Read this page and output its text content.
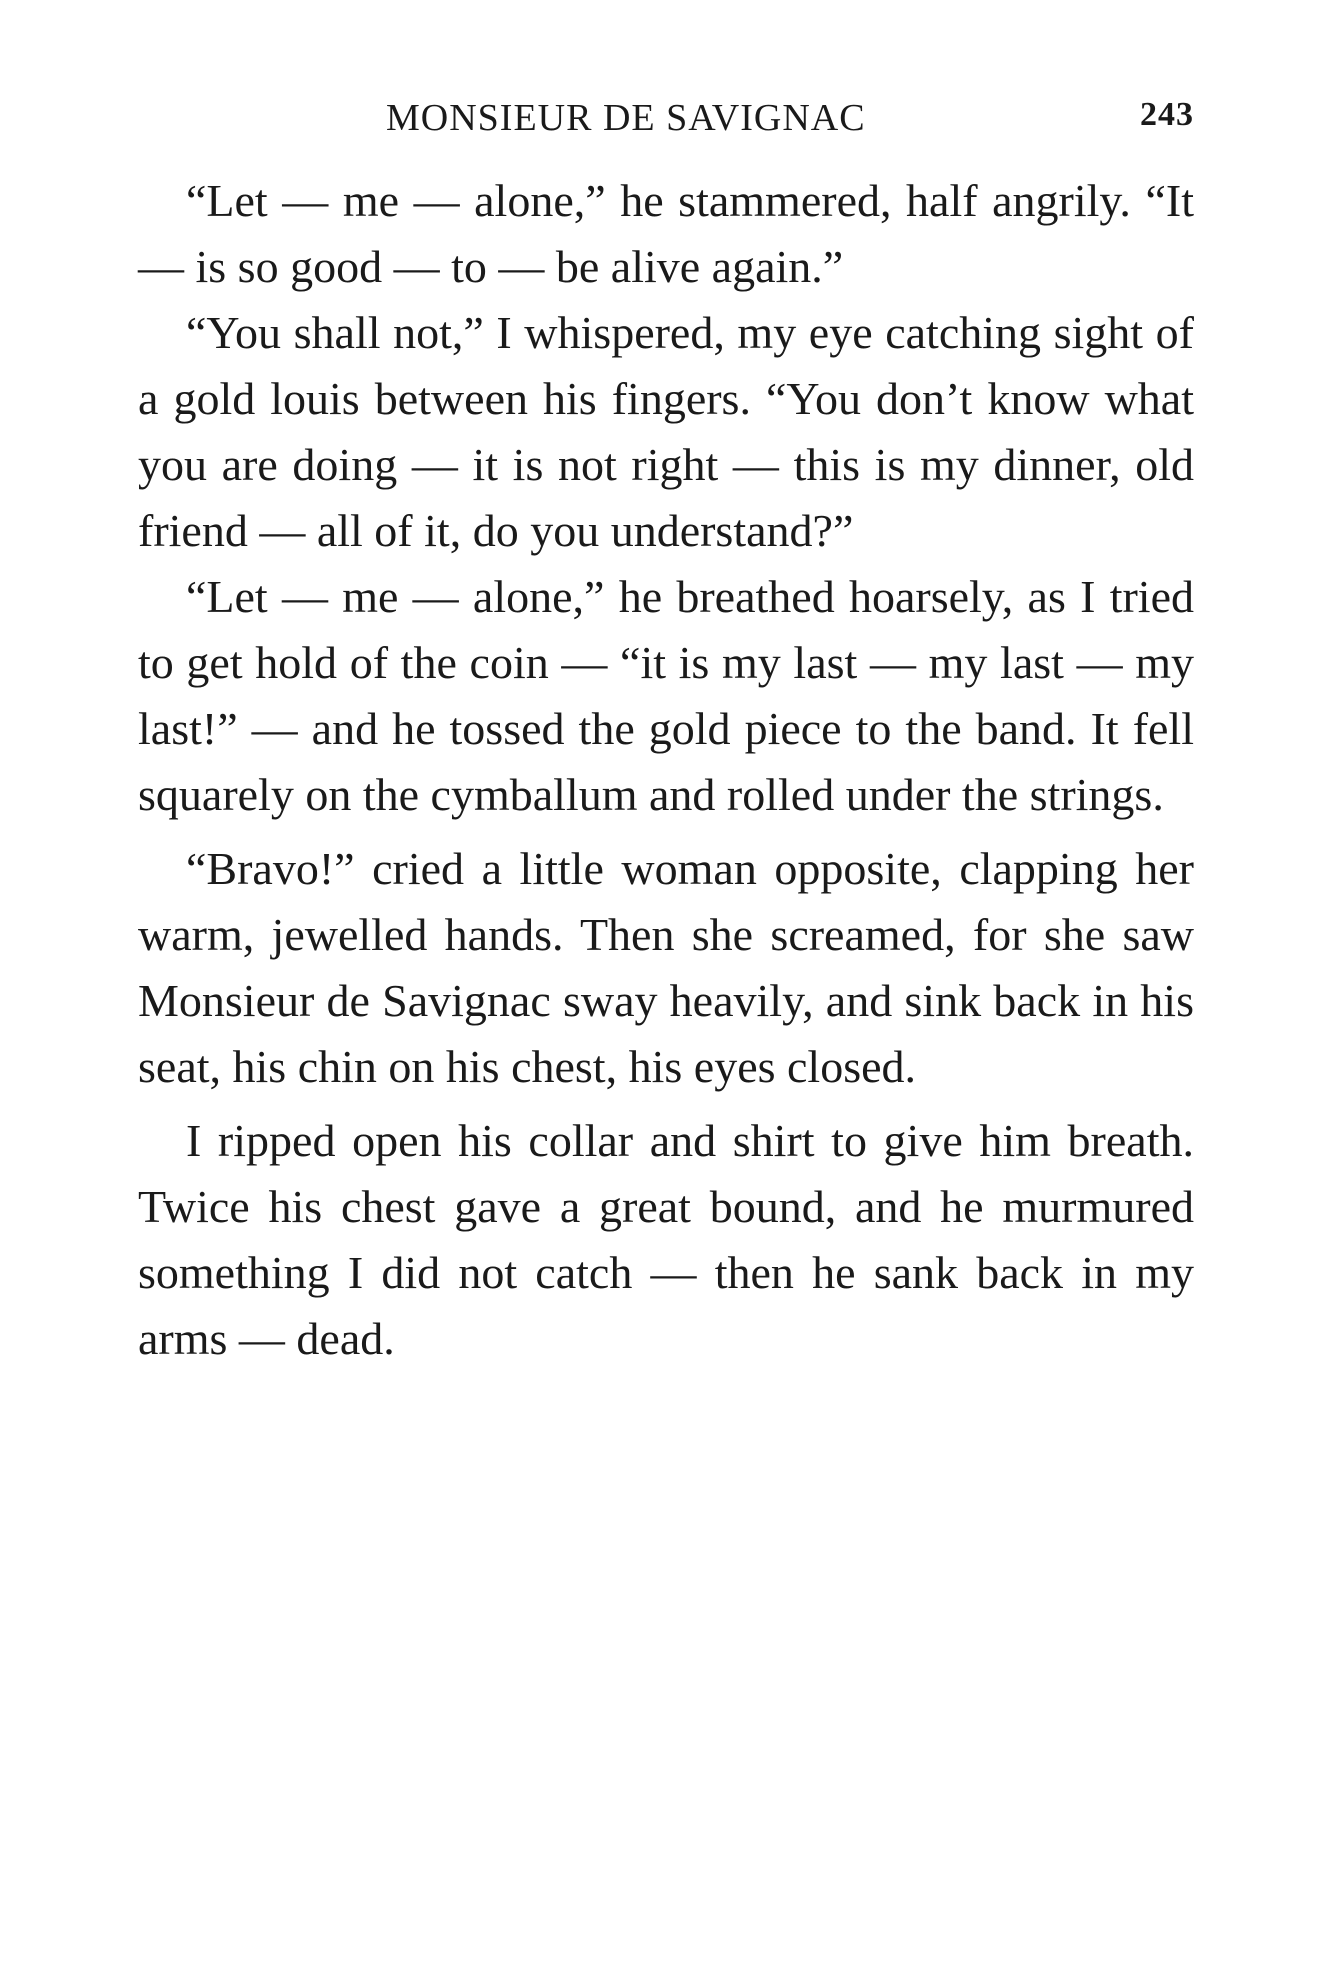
MONSIEUR DE SAVIGNAC	243

“Let — me — alone,” he stammered, half angrily. “It — is so good — to — be alive again.”

“You shall not,” I whispered, my eye catching sight of a gold louis between his fingers. “You don’t know what you are doing — it is not right — this is my dinner, old friend — all of it, do you understand?”

“Let — me — alone,” he breathed hoarsely, as I tried to get hold of the coin — “it is my last — my last — my last!” — and he tossed the gold piece to the band. It fell squarely on the cymballum and rolled under the strings.

“Bravo!” cried a little woman opposite, clapping her warm, jewelled hands. Then she screamed, for she saw Monsieur de Savignac sway heavily, and sink back in his seat, his chin on his chest, his eyes closed.

I ripped open his collar and shirt to give him breath. Twice his chest gave a great bound, and he murmured something I did not catch — then he sank back in my arms — dead.
